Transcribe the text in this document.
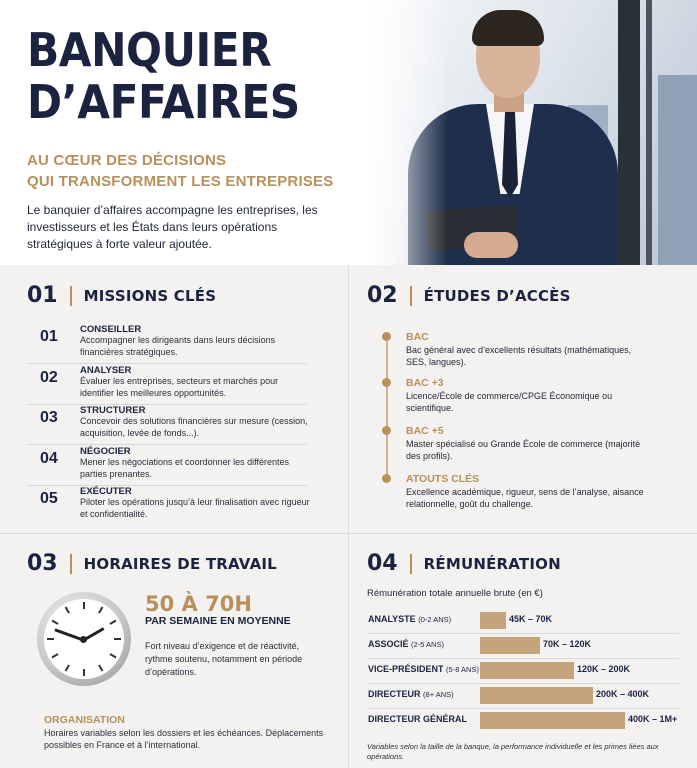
BANQUIER
D’AFFAIRES
AU CŒUR DES DÉCISIONS
QUI TRANSFORMENT LES ENTREPRISES
Le banquier d’affaires accompagne les entreprises, les investisseurs et les États dans leurs opérations stratégiques à forte valeur ajoutée.
01 MISSIONS CLÉS
01 CONSEILLER
Accompagner les dirigeants dans leurs décisions financières stratégiques.
02 ANALYSER
Évaluer les entreprises, secteurs et marchés pour identifier les meilleures opportunités.
03 STRUCTURER
Concevoir des solutions financières sur mesure (cession, acquisition, levée de fonds...).
04 NÉGOCIER
Mener les négociations et coordonner les différentes parties prenantes.
05 EXÉCUTER
Piloter les opérations jusqu’à leur finalisation avec rigueur et confidentialité.
02 ÉTUDES D’ACCÈS
BAC
Bac général avec d’excellents résultats (mathématiques, SES, langues).
BAC +3
Licence/École de commerce/CPGE Économique ou scientifique.
BAC +5
Master spécialisé ou Grande École de commerce (majorité des profils).
ATOUTS CLÉS
Excellence académique, rigueur, sens de l’analyse, aisance relationnelle, goût du challenge.
03 HORAIRES DE TRAVAIL
50 À 70H
PAR SEMAINE EN MOYENNE
Fort niveau d’exigence et de réactivité, rythme soutenu, notamment en période d’opérations.
ORGANISATION
Horaires variables selon les dossiers et les échéances. Déplacements possibles en France et à l’international.
04 RÉMUNÉRATION
Rémunération totale annuelle brute (en €)
ANALYSTE (0-2 ANS)	45K – 70K
ASSOCIÉ (2-5 ANS)	70K – 120K
VICE-PRÉSIDENT (5-8 ANS)	120K – 200K
DIRECTEUR (8+ ANS)	200K – 400K
DIRECTEUR GÉNÉRAL	400K – 1M+
Variables selon la taille de la banque, la performance individuelle et les primes liées aux opérations.
